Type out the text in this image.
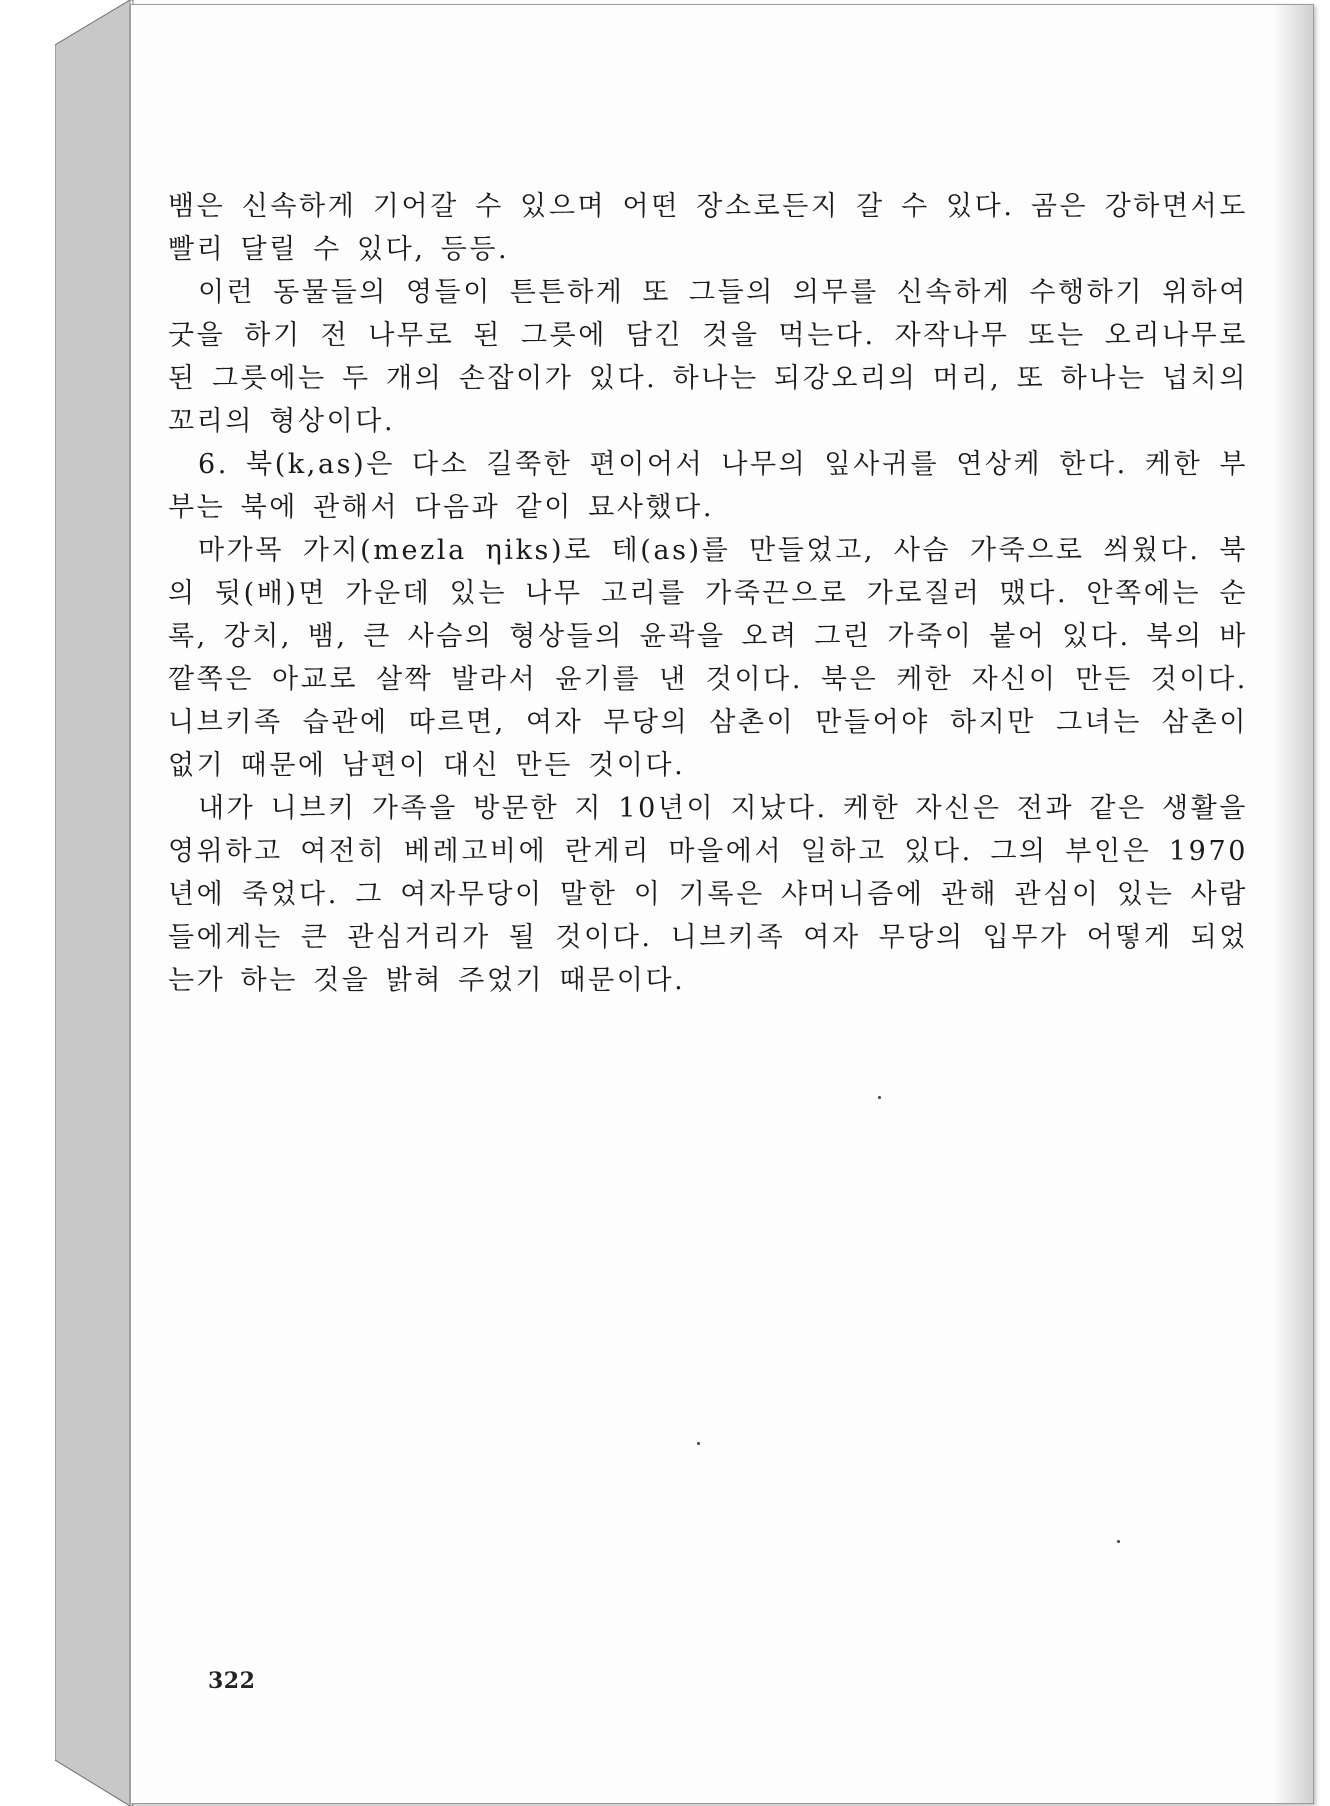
뱀은 신속하게 기어갈 수 있으며 어떤 장소로든지 갈 수 있다. 곰은 강하면서도 빨리 달릴 수 있다, 등등.

이런 동물들의 영들이 튼튼하게 또 그들의 의무를 신속하게 수행하기 위하여 굿을 하기 전 나무로 된 그릇에 담긴 것을 먹는다. 자작나무 또는 오리나무로 된 그릇에는 두 개의 손잡이가 있다. 하나는 되강오리의 머리, 또 하나는 넙치의 꼬리의 형상이다.

6. 북(k,as)은 다소 길쭉한 편이어서 나무의 잎사귀를 연상케 한다. 케한 부부는 북에 관해서 다음과 같이 묘사했다.

마가목 가지(mezla ηiks)로 테(as)를 만들었고, 사슴 가죽으로 씌웠다. 북의 뒷(배)면 가운데 있는 나무 고리를 가죽끈으로 가로질러 맸다. 안쪽에는 순록, 강치, 뱀, 큰 사슴의 형상들의 윤곽을 오려 그린 가죽이 붙어 있다. 북의 바깥쪽은 아교로 살짝 발라서 윤기를 낸 것이다. 북은 케한 자신이 만든 것이다. 니브키족 습관에 따르면, 여자 무당의 삼촌이 만들어야 하지만 그녀는 삼촌이 없기 때문에 남편이 대신 만든 것이다.

내가 니브키 가족을 방문한 지 10년이 지났다. 케한 자신은 전과 같은 생활을 영위하고 여전히 베레고비에 란게리 마을에서 일하고 있다. 그의 부인은 1970년에 죽었다. 그 여자무당이 말한 이 기록은 샤머니즘에 관해 관심이 있는 사람들에게는 큰 관심거리가 될 것이다. 니브키족 여자 무당의 입무가 어떻게 되었는가 하는 것을 밝혀 주었기 때문이다.

322
